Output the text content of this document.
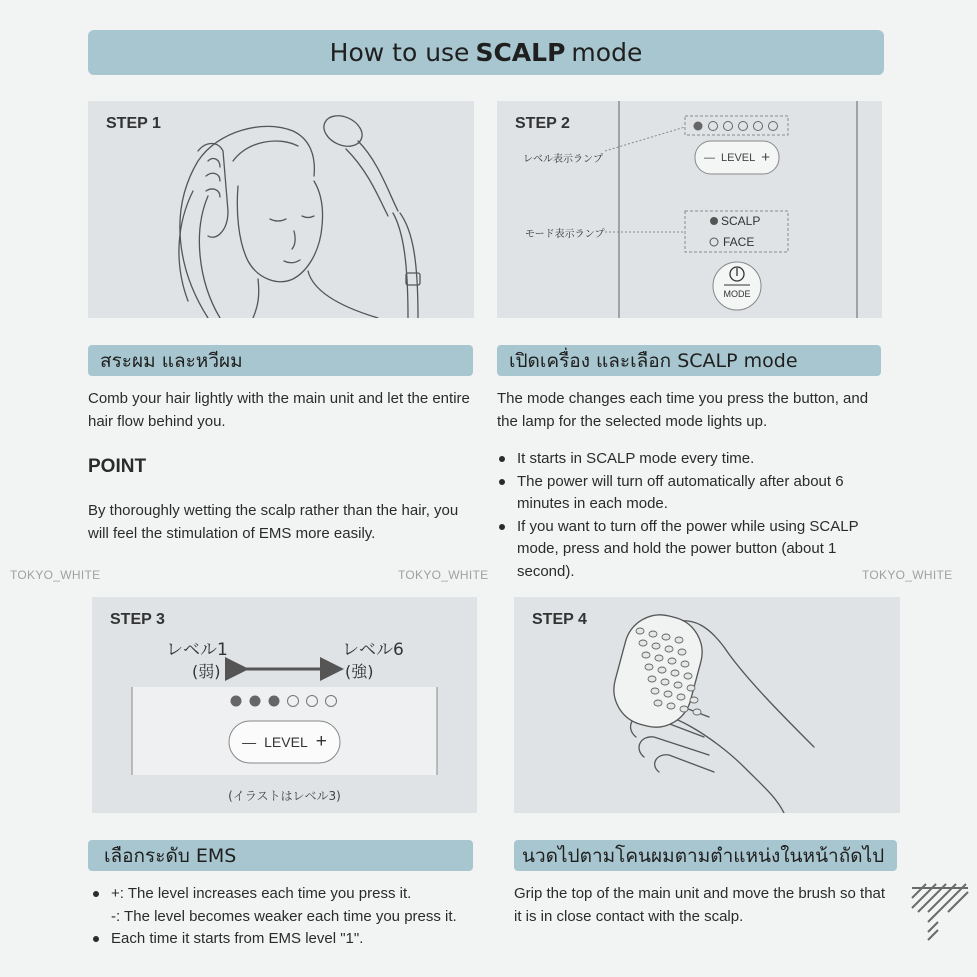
How to use SCALP mode
STEP 1	STEP 2
レベル表示ランプ
モード表示ランプ
— LEVEL +
SCALP
FACE
MODE
สระผม และหวีผม
Comb your hair lightly with the main unit and let the entire hair flow behind you.
POINT
By thoroughly wetting the scalp rather than the hair, you will feel the stimulation of EMS more easily.
เปิดเครื่อง และเลือก SCALP mode
The mode changes each time you press the button, and the lamp for the selected mode lights up.
It starts in SCALP mode every time.
The power will turn off automatically after about 6 minutes in each mode.
If you want to turn off the power while using SCALP mode, press and hold the power button (about 1 second).
TOKYO_WHITE	TOKYO_WHITE	TOKYO_WHITE
STEP 3
レベル1
(弱)
レベル6
(強)
— LEVEL +
(イラストはレベル3)
STEP 4
เลือกระดับ EMS
+: The level increases each time you press it.
-: The level becomes weaker each time you press it.
Each time it starts from EMS level "1".
นวดไปตามโคนผมตามตำแหน่งในหน้าถัดไป
Grip the top of the main unit and move the brush so that it is in close contact with the scalp.
